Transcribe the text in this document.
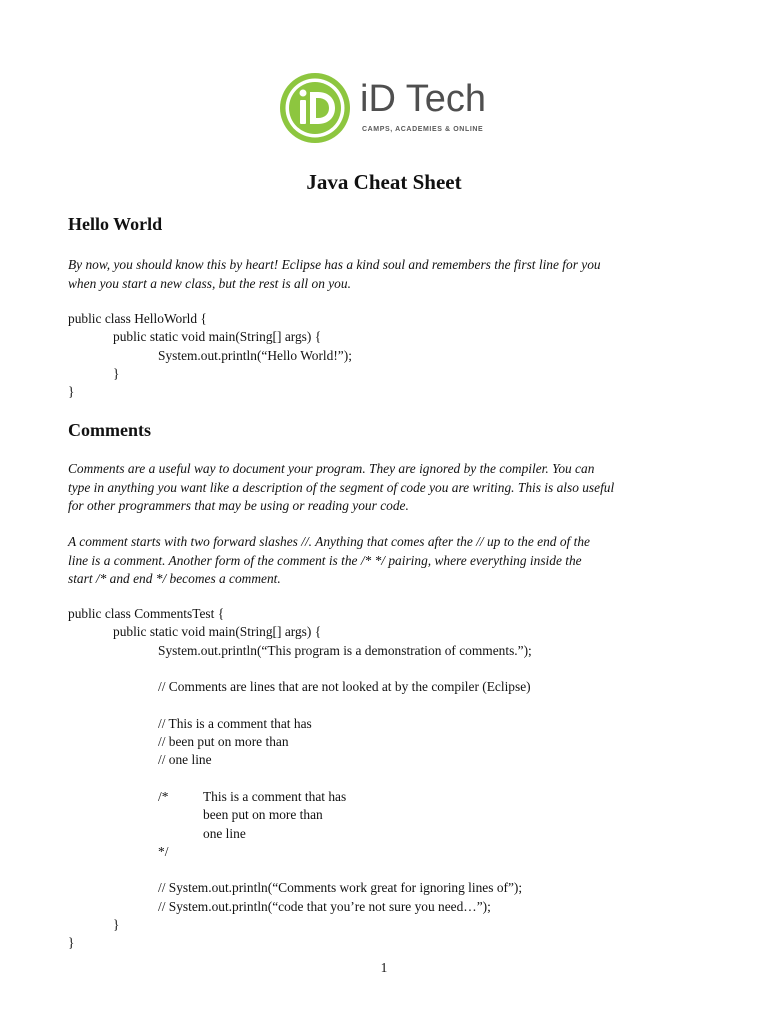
iD Tech
CAMPS, ACADEMIES & ONLINE
Java Cheat Sheet
Hello World

By now, you should know this by heart! Eclipse has a kind soul and remembers the first line for you
when you start a new class, but the rest is all on you.

public class HelloWorld {
public static void main(String[] args) {
System.out.println(“Hello World!”);
}
}
Comments

Comments are a useful way to document your program. They are ignored by the compiler. You can
type in anything you want like a description of the segment of code you are writing. This is also useful
for other programmers that may be using or reading your code.

A comment starts with two forward slashes //. Anything that comes after the // up to the end of the
line is a comment. Another form of the comment is the /* */ pairing, where everything inside the
start /* and end */ becomes a comment.

public class CommentsTest {
public static void main(String[] args) {
System.out.println(“This program is a demonstration of comments.”);
// Comments are lines that are not looked at by the compiler (Eclipse)
// This is a comment that has
// been put on more than
// one line
/*	This is a comment that has
been put on more than
one line
*/
// System.out.println(“Comments work great for ignoring lines of”);
// System.out.println(“code that you’re not sure you need…”);
}
}
1
